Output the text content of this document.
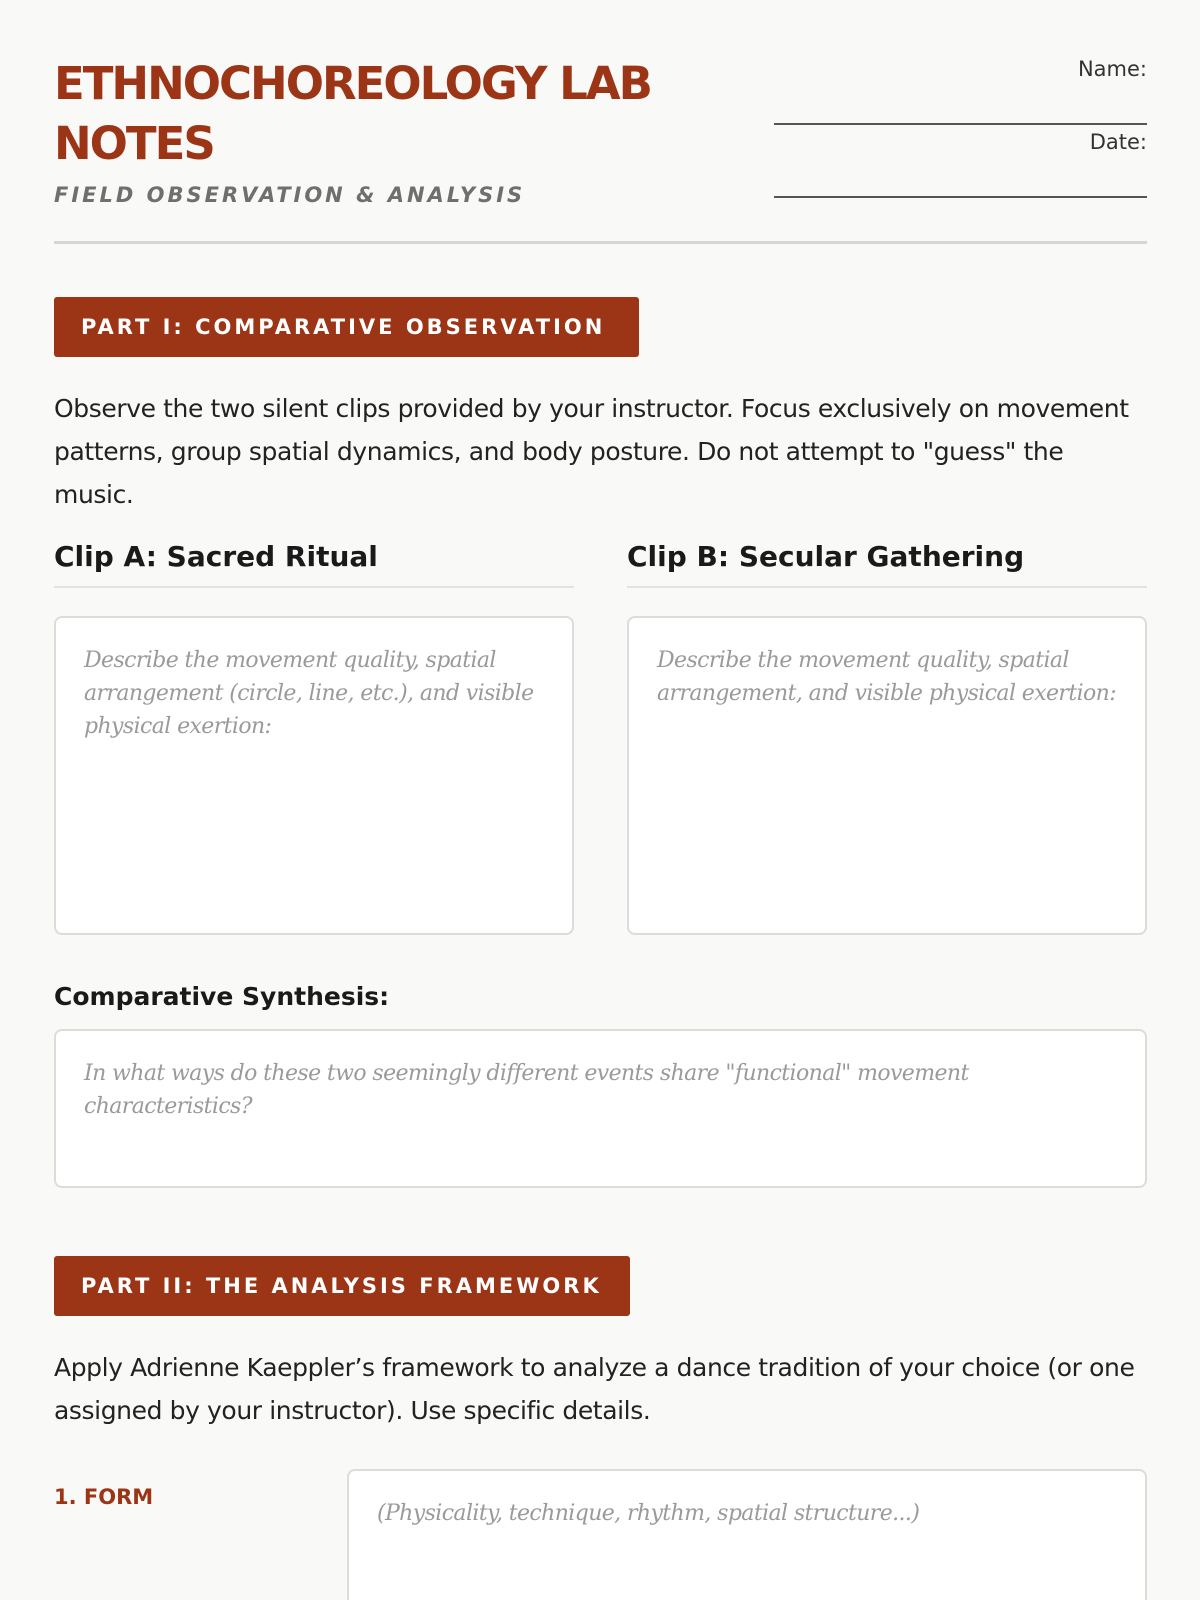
ETHNOCHOREOLOGY LAB NOTES

FIELD OBSERVATION & ANALYSIS

Name:
Date:
PART I: COMPARATIVE OBSERVATION

Observe the two silent clips provided by your instructor. Focus exclusively on movement patterns, group spatial dynamics, and body posture. Do not attempt to "guess" the music.

Clip A: Sacred Ritual	Clip B: Secular Gathering

Describe the movement quality, spatial arrangement (circle, line, etc.), and visible physical exertion:

Describe the movement quality, spatial arrangement, and visible physical exertion:

Comparative Synthesis:

In what ways do these two seemingly different events share "functional" movement characteristics?

PART II: THE ANALYSIS FRAMEWORK

Apply Adrienne Kaeppler’s framework to analyze a dance tradition of your choice (or one assigned by your instructor). Use specific details.

1. FORM

(Physicality, technique, rhythm, spatial structure...)
